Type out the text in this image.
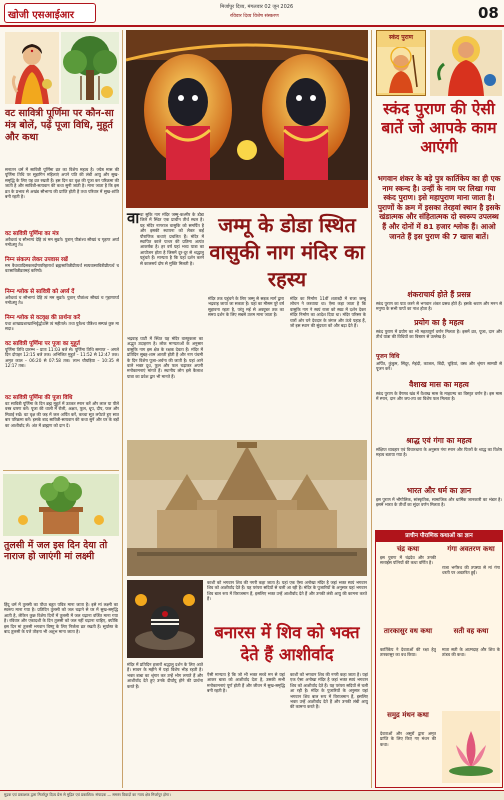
खोजी एसआईआर
मिर्जापुर दिव्य, मंगलवार 02 जून 2026
रविवार दिव्य विशेष संस्करण	08
वट सावित्री पूर्णिमा पर कौन-सा मंत्र बोलें, पढ़ें पूजा विधि, मुहूर्त और कथा
सनातन धर्म में सावित्री पूर्णिमा व्रत का विशेष महत्व है। ज्येष्ठ मास की पूर्णिमा तिथि पर सुहागिन महिलाएं अपने पति की लंबी आयु और सुख-समृद्धि के लिए यह व्रत रखती हैं। इस दिन वट वृक्ष की पूजा कर परिक्रमा की जाती है और सावित्री-सत्यवान की कथा सुनी जाती है। माना जाता है कि इस व्रत के प्रभाव से अखंड सौभाग्य की प्राप्ति होती है तथा परिवार में सुख-शांति बनी रहती है।
वट सावित्री पूर्णिमा का मंत्र
अवैधव्यं च सौभाग्यं देहि त्वं मम सुव्रते। पुत्रान् पौत्रांश्च सौख्यं च गृहाण अर्घ्यं नमोऽस्तु ते॥
निम्न संकल्प लेकर उपवास रखें
मम वैधव्यादिसकलदोषपरिहारार्थं ब्रह्मसावित्रीप्रीत्यर्थं सत्यवत्सावित्रीप्रीत्यर्थं च वटसावित्रीव्रतमहं करिष्ये।
निम्न श्लोक से सावित्री को अर्घ्य दें
अवैधव्यं च सौभाग्यं देहि त्वं मम सुव्रते। पुत्रान् पौत्रांश्च सौख्यं च गृहाणार्घ्यं नमोऽस्तु ते॥
निम्न श्लोक से वटवृक्ष की प्रार्थना करें
यथा शाखाप्रशाखाभिर्वृद्धोऽसि त्वं महीतले। तथा पुत्रैश्च पौत्रैश्च सम्पन्नं कुरु मा सदा॥
वट सावित्री पूर्णिमा पर पूजा का मुहूर्त
पूर्णिमा तिथि प्रारम्भ – प्रातः 11:03 बजे से। पूर्णिमा तिथि समाप्त – अगले दिन दोपहर 12:15 बजे तक। अभिजित मुहूर्त – 11:52 से 12:47 तक। अमृत काल – 06:20 से 07:58 तक। लाभ चौघड़िया – 10:35 से 12:17 तक।
वट सावित्री पूर्णिमा की पूजा विधि
वट सावित्री पूर्णिमा के दिन ब्रह्म मुहूर्त में उठकर स्नान करें और लाल या पीले वस्त्र धारण करें। पूजा की थाली में रोली, अक्षत, फूल, धूप, दीप, फल और मिठाई रखें। वट वृक्ष की जड़ में जल अर्पित करें, कच्चा सूत लपेटते हुए सात बार परिक्रमा करें। इसके बाद सावित्री-सत्यवान की कथा सुनें और घर के बड़ों का आशीर्वाद लें। अंत में ब्राह्मण को दान दें।
तुलसी में जल इस दिन देया तो नाराज हो जाएंगी मां लक्ष्मी
हिंदू धर्म में तुलसी का पौधा बहुत पवित्र माना जाता है। इसे मां लक्ष्मी का स्वरूप माना गया है। प्रतिदिन तुलसी को जल चढ़ाने से घर में सुख-समृद्धि आती है, लेकिन कुछ विशेष दिनों में तुलसी में जल चढ़ाना वर्जित माना गया है। रविवार और एकादशी के दिन तुलसी को जल नहीं चढ़ाना चाहिए, क्योंकि इस दिन मां तुलसी भगवान विष्णु के लिए निर्जला व्रत रखती हैं। सूर्यास्त के बाद तुलसी के पत्ते तोड़ना भी अशुभ माना जाता है।
वा वा सुकि नाग मंदिर जम्मू-कश्मीर के डोडा जिले में स्थित एक प्राचीन तीर्थ स्थल है। यह मंदिर नागराज वासुकि को समर्पित है और इसकी स्थापना को लेकर कई पौराणिक कथाएं प्रचलित हैं। मंदिर में स्थापित काले पत्थर की प्रतिमा अत्यंत आकर्षक है। हर वर्ष यहां भव्य यात्रा का आयोजन होता है जिसमें दूर-दूर से श्रद्धालु पहुंचते हैं। मान्यता है कि यहां दर्शन करने से कालसर्प दोष से मुक्ति मिलती है।
जम्मू के डोडा स्थित वासुकी नाग मंदिर का रहस्य
भद्रवाह घाटी में स्थित यह मंदिर वास्तुकला का अद्भुत उदाहरण है। लोक मान्यताओं के अनुसार वासुकि नाग इस क्षेत्र के रक्षक देवता हैं। मंदिर में प्रतिदिन सुबह-शाम आरती होती है और नाग पंचमी के दिन विशेष पूजा-अर्चना की जाती है। यहां आने वाले भक्त दूध, फूल और फल चढ़ाकर अपनी मनोकामनाएं मांगते हैं। स्थानीय लोग इसे कैलाश यात्रा का प्रवेश द्वार भी मानते हैं।
मंदिर तक पहुंचने के लिए जम्मू से सड़क मार्ग द्वारा भद्रवाह जाया जा सकता है। यहां का मौसम पूरे वर्ष सुहावना रहता है, परंतु मई से अक्टूबर तक का समय दर्शन के लिए सबसे उत्तम माना जाता है।
मंदिर का निर्माण 11वीं शताब्दी में राजा जम्बू लोचन ने करवाया था। ऐसा कहा जाता है कि वासुकि नाग ने स्वयं राजा को स्वप्न में दर्शन देकर मंदिर निर्माण का आदेश दिया था। मंदिर परिसर के चारों ओर घने देवदार के जंगल और ऊंचे पहाड़ हैं, जो इस स्थान की सुंदरता को और बढ़ा देते हैं।
काशी को भगवान शिव की नगरी कहा जाता है। यहां एक ऐसा अनोखा मंदिर है जहां भक्त स्वयं भगवान शिव को आशीर्वाद देते हैं। यह परंपरा सदियों से चली आ रही है। मंदिर के पुजारियों के अनुसार यहां भगवान शिव बाल रूप में विराजमान हैं, इसलिए भक्त उन्हें आशीर्वाद देते हैं और उनकी लंबी आयु की कामना करते हैं।
बनारस में शिव को भक्त देते हैं आशीर्वाद
मंदिर में प्रतिदिन हजारों श्रद्धालु दर्शन के लिए आते हैं। सावन के महीने में यहां विशेष भीड़ रहती है। भक्त बाबा का श्रृंगार कर उन्हें भोग लगाते हैं और आशीर्वाद देते हुए उनके दीर्घायु होने की प्रार्थना करते हैं।
ऐसी मान्यता है कि जो भी भक्त सच्चे मन से यहां आकर बाबा को आशीर्वाद देता है, उसकी सभी मनोकामनाएं पूर्ण होती हैं और जीवन में सुख-समृद्धि बनी रहती है।
काशी को भगवान शिव की नगरी कहा जाता है। यहां एक ऐसा अनोखा मंदिर है जहां भक्त स्वयं भगवान शिव को आशीर्वाद देते हैं। यह परंपरा सदियों से चली आ रही है। मंदिर के पुजारियों के अनुसार यहां भगवान शिव बाल रूप में विराजमान हैं, इसलिए भक्त उन्हें आशीर्वाद देते हैं और उनकी लंबी आयु की कामना करते हैं।
स्कंद पुराण
स्कंद पुराण की ऐसी बातें जो आपके काम आएंगी
भगवान शंकर के बड़े पुत्र कार्तिकेय का ही एक नाम स्कन्द है। उन्हीं के नाम पर लिखा गया स्कंद पुराण। इसे महापुराण माना जाता है। पुराणों के क्रम में इसका तेरहवां स्थान है इसके खंडात्मक और संहितात्मक दो स्वरूप उपलब्ध हैं और दोनों में 81 हजार श्लोक हैं। आओ जानते हैं इस पुराण की 7 खास बातें।
शंकराचार्य होते हैं प्रसन्न
स्कंद पुराण का पाठ करने से भगवान शंकर प्रसन्न होते हैं। इसके श्रवण और मनन से मनुष्य के सभी पापों का नाश होता है।
प्रयोग का है महत्व
स्कंद पुराण में प्रयोग का भी महत्वपूर्ण वर्णन मिलता है। इसमें व्रत, पूजा, दान और तीर्थ यात्रा की विधियों का विस्तार से उल्लेख है।
पूजन विधि
अर्पित, कुंकुम, सिंदूर, मेहंदी, काजल, बिंदी, चूड़ियां, वस्त्र और श्रृंगार सामग्री से पूजन करें।
वैशाख मास का महत्व
स्कंद पुराण के वैष्णव खंड में वैशाख मास के माहात्म्य का विस्तृत वर्णन है। इस मास में स्नान, दान और जप-तप का विशेष फल मिलता है।
श्राद्ध एवं गंगा का महत्व
संक्षिप्त व्यवहार एवं विचारधारा के अनुसार गंगा स्नान और पितरों के श्राद्ध का विशेष महत्व बताया गया है।
भारत और धर्म का ज्ञान
इस पुराण में भौगोलिक, सांस्कृतिक, सामाजिक और धार्मिक जानकारी का भंडार है। इसमें भारत के तीर्थों का सुंदर वर्णन मिलता है।
प्राचीन पौराणिक कथाओं का ज्ञान
चंद्र कथा
इस पुराण में चंद्रदेव और उनकी सत्ताईस पत्नियों की कथा वर्णित है।
गंगा अवतरण कथा
राजा भगीरथ की तपस्या से मां गंगा धरती पर अवतरित हुईं।
तारकासुर वध कथा
कार्तिकेय ने देवताओं की रक्षा हेतु तारकासुर का वध किया।
सती वह कथा
माता सती के आत्मदाह और शिव के तांडव की कथा।
समुद्र मंथन कथा
देवताओं और असुरों द्वारा अमृत प्राप्ति के लिए किए गए मंथन की कथा।
मुद्रक एवं प्रकाशक द्वारा मिर्जापुर दिव्य प्रेस से मुद्रित एवं प्रकाशित। संपादक — समस्त विवादों का न्याय क्षेत्र मिर्जापुर होगा।
